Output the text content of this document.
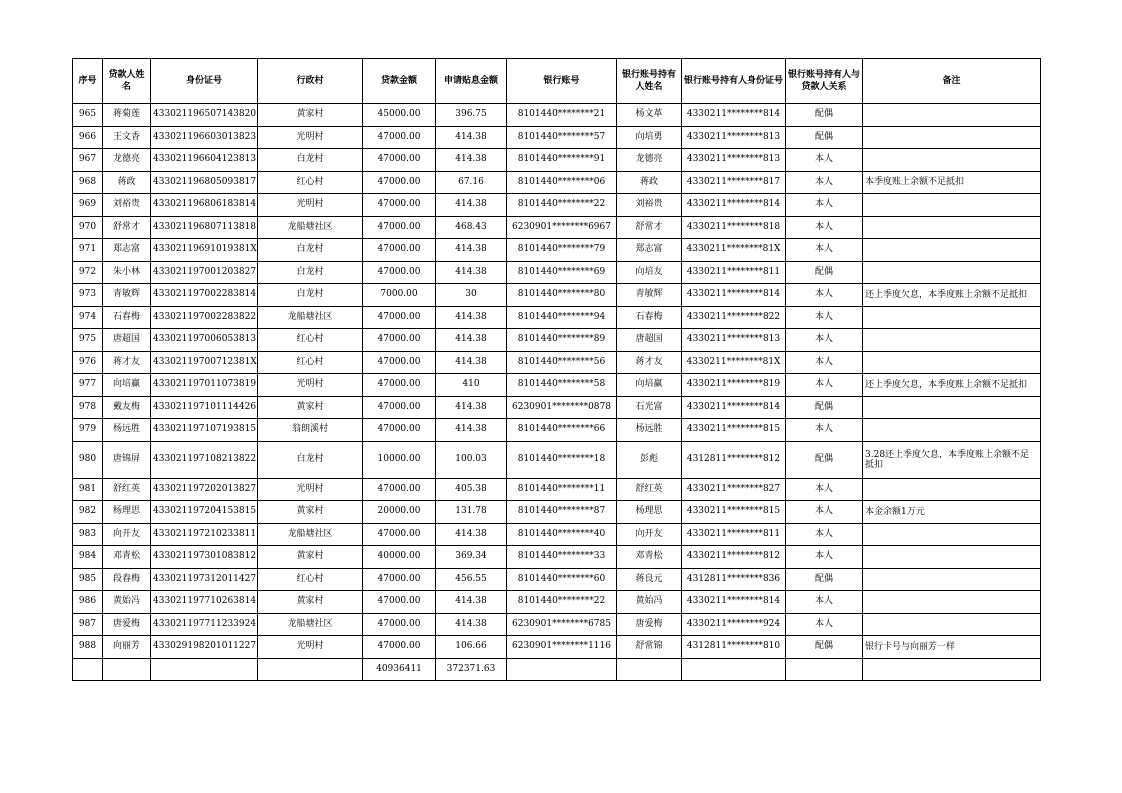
序号	贷款人姓名	身份证号	行政村	贷款金额	申请贴息金额	银行账号	银行账号持有人姓名	银行账号持有人身份证号	银行账号持有人与贷款人关系	备注
965	蒋菊莲	433021196507143820	黄家村	45000.00	396.75	8101440********21	杨文革	4330211********814	配偶	
966	王文香	433021196603013823	光明村	47000.00	414.38	8101440********57	向培勇	4330211********813	配偶	
967	龙德亮	433021196604123813	白龙村	47000.00	414.38	8101440********91	龙德亮	4330211********813	本人	
968	蒋政	433021196805093817	红心村	47000.00	67.16	8101440********06	蒋政	4330211********817	本人	本季度账上余额不足抵扣
969	刘裕贵	433021196806183814	光明村	47000.00	414.38	8101440********22	刘裕贵	4330211********814	本人	
970	舒常才	433021196807113818	龙船塘社区	47000.00	468.43	6230901********6967	舒常才	4330211********818	本人	
971	郑志富	43302119691019381X	白龙村	47000.00	414.38	8101440********79	郑志富	4330211********81X	本人	
972	朱小林	433021197001203827	白龙村	47000.00	414.38	8101440********69	向培友	4330211********811	配偶	
973	青敏辉	433021197002283814	白龙村	7000.00	30	8101440********80	青敏辉	4330211********814	本人	还上季度欠息，本季度账上余额不足抵扣
974	石春梅	433021197002283822	龙船塘社区	47000.00	414.38	8101440********94	石春梅	4330211********822	本人	
975	唐超国	433021197006053813	红心村	47000.00	414.38	8101440********89	唐超国	4330211********813	本人	
976	蒋才友	43302119700712381X	红心村	47000.00	414.38	8101440********56	蒋才友	4330211********81X	本人	
977	向培赢	433021197011073819	光明村	47000.00	410	8101440********58	向培赢	4330211********819	本人	还上季度欠息，本季度账上余额不足抵扣
978	戴友梅	433021197101114426	黄家村	47000.00	414.38	6230901********0878	石光富	4330211********814	配偶	
979	杨远胜	433021197107193815	翁朗溪村	47000.00	414.38	8101440********66	杨远胜	4330211********815	本人	
980	唐锦屏	433021197108213822	白龙村	10000.00	100.03	8101440********18	彭彪	4312811********812	配偶	3.28还上季度欠息，本季度账上余额不足抵扣
981	舒红英	433021197202013827	光明村	47000.00	405.38	8101440********11	舒红英	4330211********827	本人	
982	杨理思	433021197204153815	黄家村	20000.00	131.78	8101440********87	杨理思	4330211********815	本人	本金余额1万元
983	向开友	433021197210233811	龙船塘社区	47000.00	414.38	8101440********40	向开友	4330211********811	本人	
984	邓青松	433021197301083812	黄家村	40000.00	369.34	8101440********33	邓青松	4330211********812	本人	
985	段春梅	433021197312011427	红心村	47000.00	456.55	8101440********60	蒋良元	4312811********836	配偶	
986	黄始冯	433021197710263814	黄家村	47000.00	414.38	8101440********22	黄始冯	4330211********814	本人	
987	唐爱梅	433021197711233924	龙船塘社区	47000.00	414.38	6230901********6785	唐爱梅	4330211********924	本人	
988	向丽芳	433029198201011227	光明村	47000.00	106.66	6230901********1116	舒常锦	4312811********810	配偶	银行卡号与向丽芳一样
				40936411	372371.63					
